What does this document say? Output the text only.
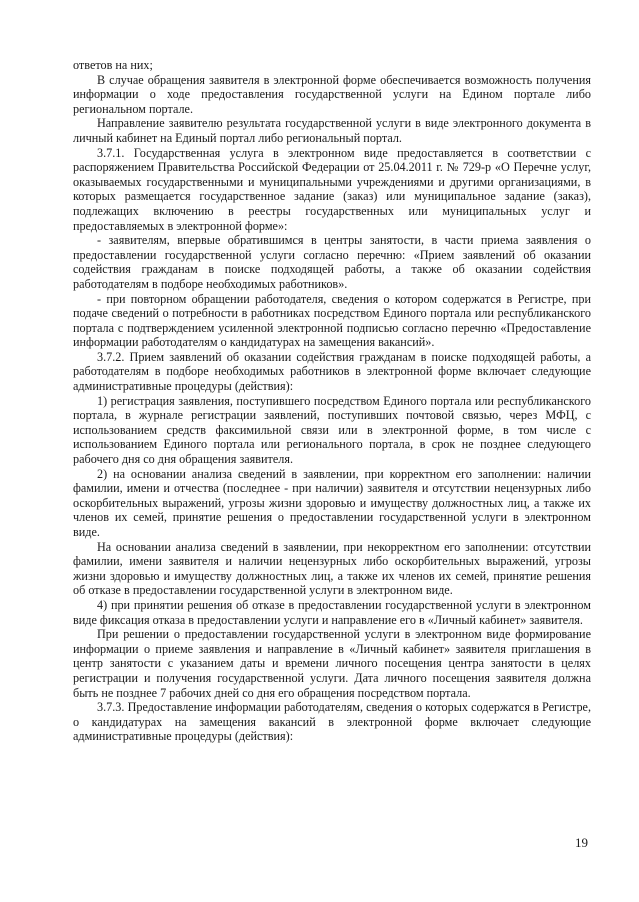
ответов на них;

В случае обращения заявителя в электронной форме обеспечивается возможность получения информации о ходе предоставления государственной услуги на Едином портале либо региональном портале.

Направление заявителю результата государственной услуги в виде электронного документа в личный кабинет на Единый портал либо региональный портал.

3.7.1. Государственная услуга в электронном виде предоставляется в соответствии с распоряжением Правительства Российской Федерации от 25.04.2011 г. № 729-р «О Перечне услуг, оказываемых государственными и муниципальными учреждениями и другими организациями, в которых размещается государственное задание (заказ) или муниципальное задание (заказ), подлежащих включению в реестры государственных или муниципальных услуг и предоставляемых в электронной форме»:

- заявителям, впервые обратившимся в центры занятости, в части приема заявления о предоставлении государственной услуги согласно перечню: «Прием заявлений об оказании содействия гражданам в поиске подходящей работы, а также об оказании содействия работодателям в подборе необходимых работников».

- при повторном обращении работодателя, сведения о котором содержатся в Регистре, при подаче сведений о потребности в работниках посредством Единого портала или республиканского портала с подтверждением усиленной электронной подписью согласно перечню «Предоставление информации работодателям о кандидатурах на замещения вакансий».

3.7.2. Прием заявлений об оказании содействия гражданам в поиске подходящей работы, а работодателям в подборе необходимых работников в электронной форме включает следующие административные процедуры (действия):

1) регистрация заявления, поступившего посредством Единого портала или республиканского портала, в журнале регистрации заявлений, поступивших почтовой связью, через МФЦ, с использованием средств факсимильной связи или в электронной форме, в том числе с использованием Единого портала или регионального портала, в срок не позднее следующего рабочего дня со дня обращения заявителя.

2) на основании анализа сведений в заявлении, при корректном его заполнении: наличии фамилии, имени и отчества (последнее - при наличии) заявителя и отсутствии нецензурных либо оскорбительных выражений, угрозы жизни здоровью и имуществу должностных лиц, а также их членов их семей, принятие решения о предоставлении государственной услуги в электронном виде.

На основании анализа сведений в заявлении, при некорректном его заполнении: отсутствии фамилии, имени заявителя и наличии нецензурных либо оскорбительных выражений, угрозы жизни здоровью и имуществу должностных лиц, а также их членов их семей, принятие решения об отказе в предоставлении государственной услуги в электронном виде.

4) при принятии решения об отказе в предоставлении государственной услуги в электронном виде фиксация отказа в предоставлении услуги и направление его в «Личный кабинет» заявителя.

При решении о предоставлении государственной услуги в электронном виде формирование информации о приеме заявления и направление в «Личный кабинет» заявителя приглашения в центр занятости с указанием даты и времени личного посещения центра занятости в целях регистрации и получения государственной услуги. Дата личного посещения заявителя должна быть не позднее 7 рабочих дней со дня его обращения посредством портала.

3.7.3. Предоставление информации работодателям, сведения о которых содержатся в Регистре, о кандидатурах на замещения вакансий в электронной форме включает следующие административные процедуры (действия):

19
